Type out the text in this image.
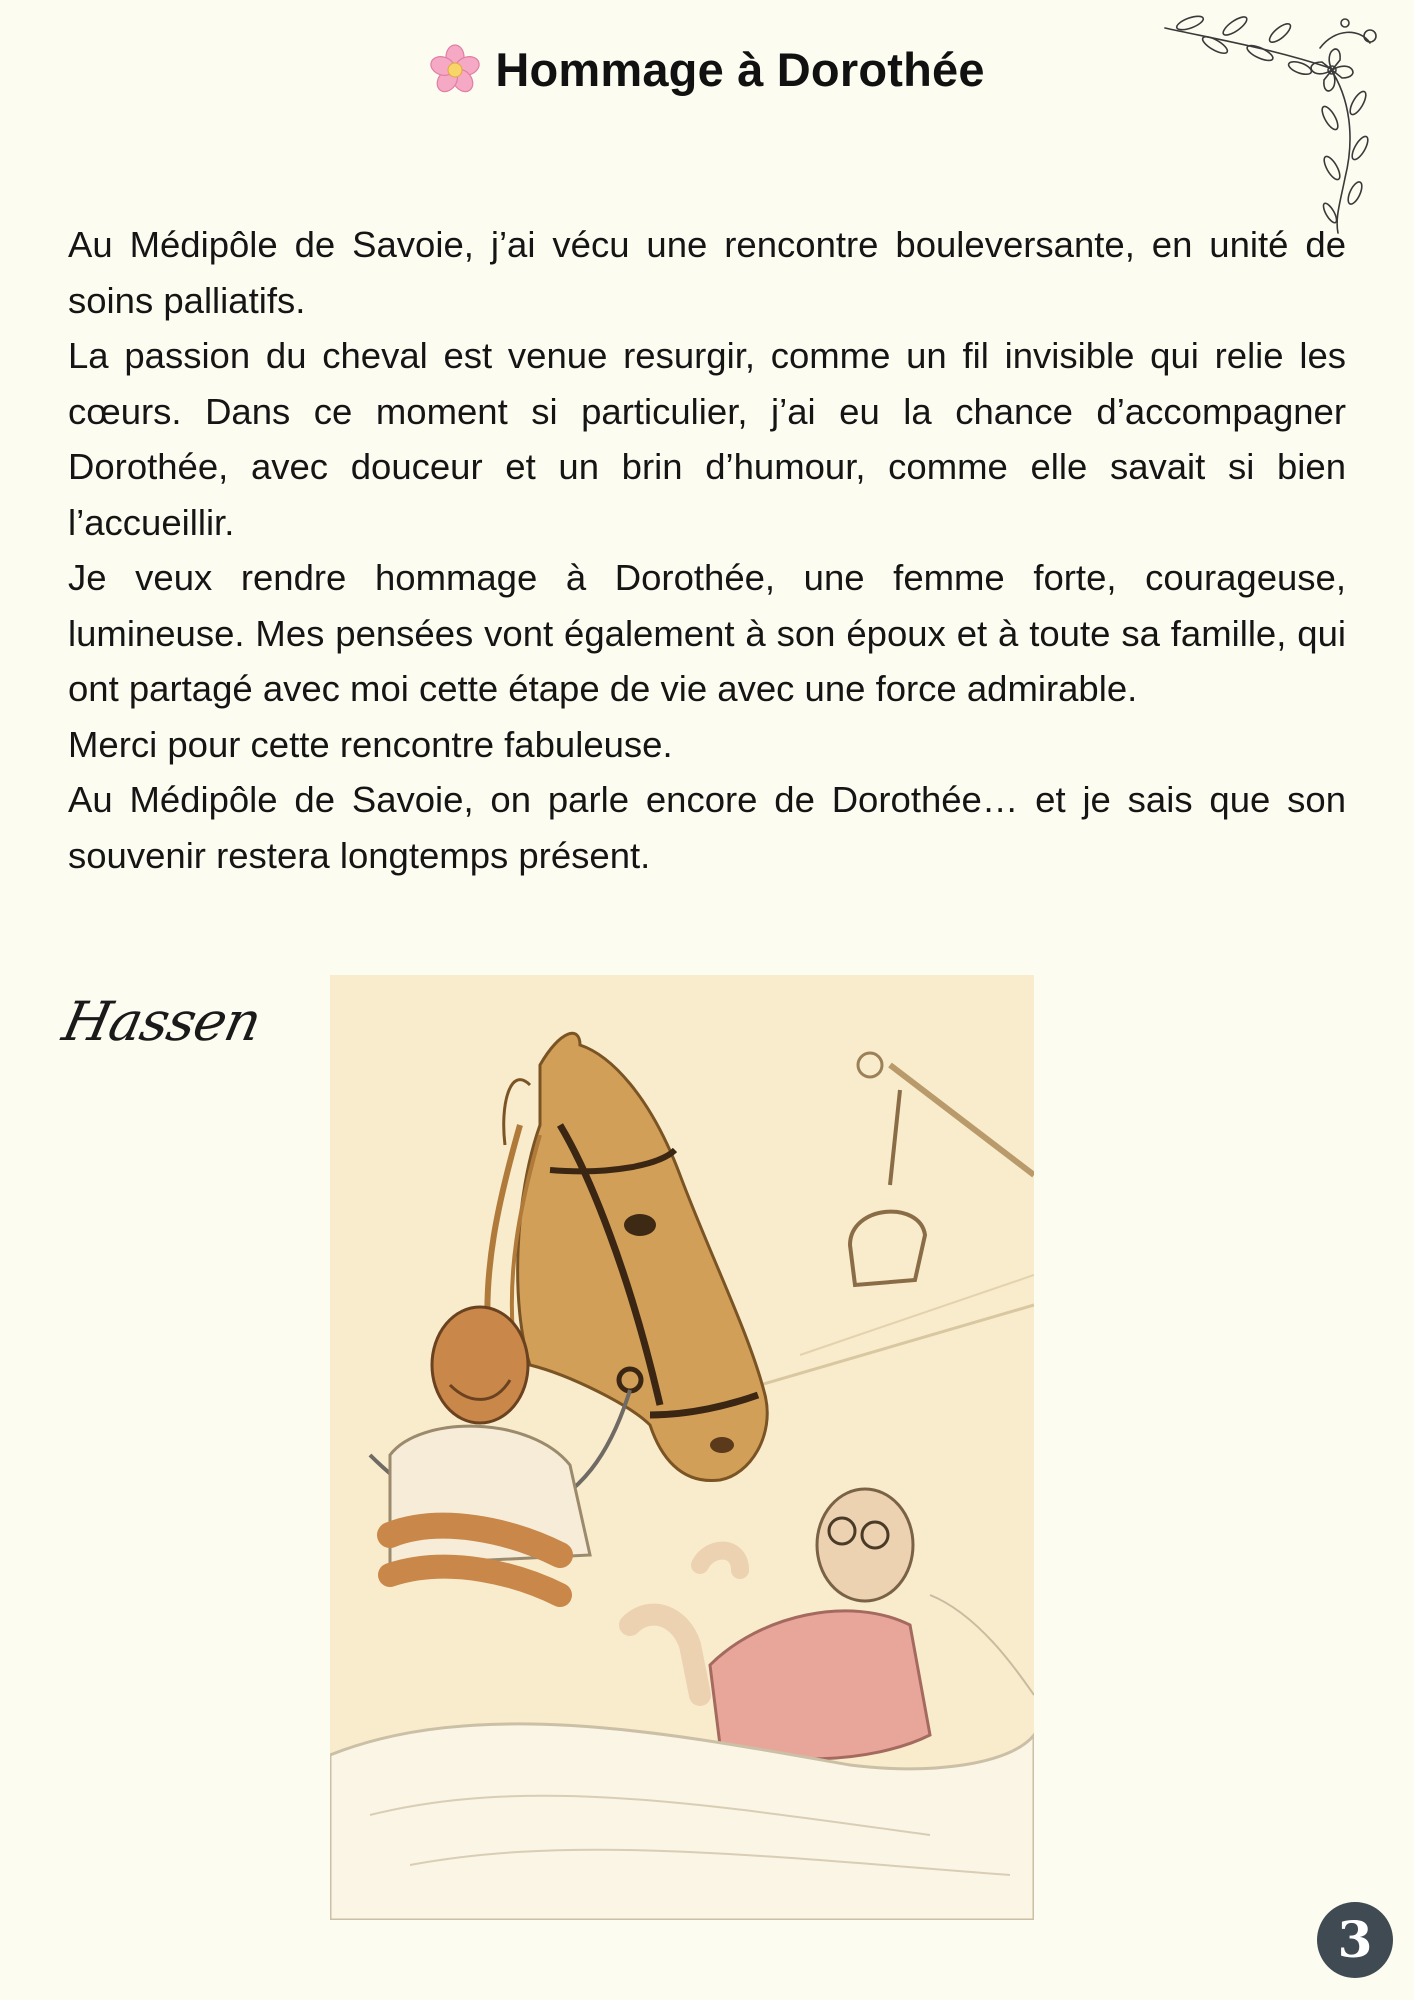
Hommage à Dorothée

Au Médipôle de Savoie, j’ai vécu une rencontre bouleversante, en unité de soins palliatifs.

La passion du cheval est venue resurgir, comme un fil invisible qui relie les cœurs. Dans ce moment si particulier, j’ai eu la chance d’accompagner Dorothée, avec douceur et un brin d’humour, comme elle savait si bien l’accueillir.

Je veux rendre hommage à Dorothée, une femme forte, courageuse, lumineuse. Mes pensées vont également à son époux et à toute sa famille, qui ont partagé avec moi cette étape de vie avec une force admirable.

Merci pour cette rencontre fabuleuse.

Au Médipôle de Savoie, on parle encore de Dorothée… et je sais que son souvenir restera longtemps présent.

Hassen
3
